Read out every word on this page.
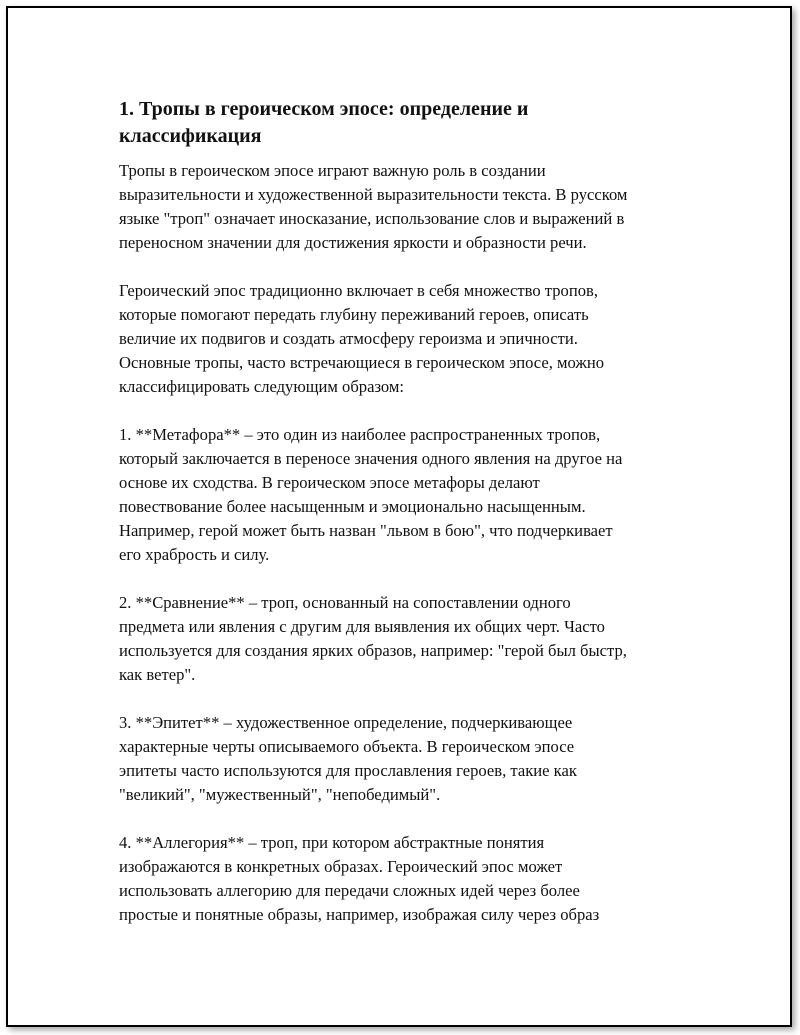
1. Тропы в героическом эпосе: определение и
классификация

Тропы в героическом эпосе играют важную роль в создании
выразительности и художественной выразительности текста. В русском
языке "троп" означает иносказание, использование слов и выражений в
переносном значении для достижения яркости и образности речи.

Героический эпос традиционно включает в себя множество тропов,
которые помогают передать глубину переживаний героев, описать
величие их подвигов и создать атмосферу героизма и эпичности.
Основные тропы, часто встречающиеся в героическом эпосе, можно
классифицировать следующим образом:

1. **Метафора** – это один из наиболее распространенных тропов,
который заключается в переносе значения одного явления на другое на
основе их сходства. В героическом эпосе метафоры делают
повествование более насыщенным и эмоционально насыщенным.
Например, герой может быть назван "львом в бою", что подчеркивает
его храбрость и силу.

2. **Сравнение** – троп, основанный на сопоставлении одного
предмета или явления с другим для выявления их общих черт. Часто
используется для создания ярких образов, например: "герой был быстр,
как ветер".

3. **Эпитет** – художественное определение, подчеркивающее
характерные черты описываемого объекта. В героическом эпосе
эпитеты часто используются для прославления героев, такие как
"великий", "мужественный", "непобедимый".

4. **Аллегория** – троп, при котором абстрактные понятия
изображаются в конкретных образах. Героический эпос может
использовать аллегорию для передачи сложных идей через более
простые и понятные образы, например, изображая силу через образ
